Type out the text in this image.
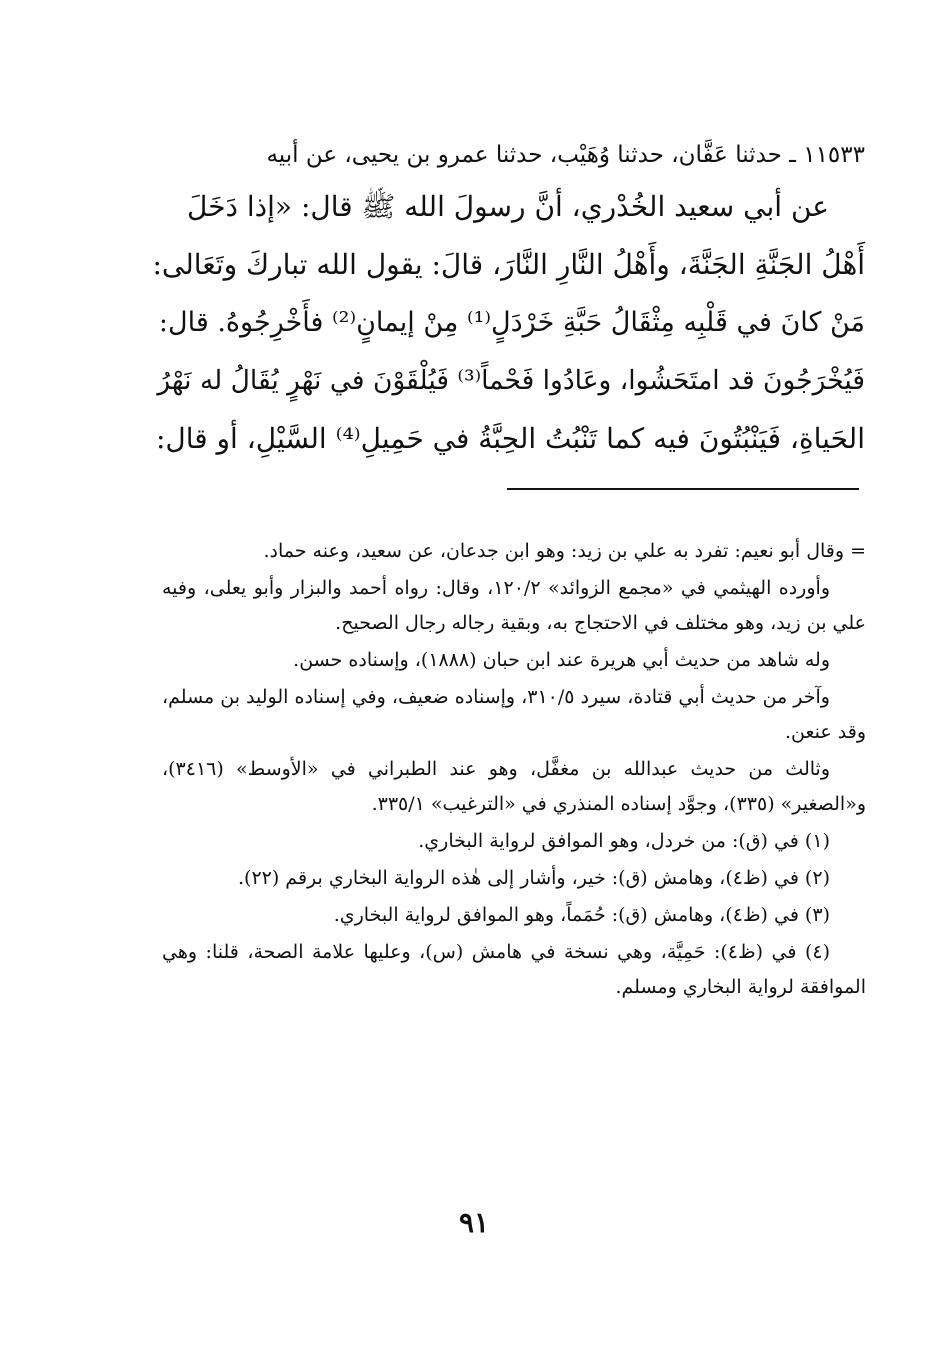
١١٥٣٣ ـ حدثنا عَفَّان، حدثنا وُهَيْب، حدثنا عمرو بن يحيى، عن أبيه

عن أبي سعيد الخُدْري، أنَّ رسولَ الله ﷺ قال: «إذا دَخَلَ

أَهْلُ الجَنَّةِ الجَنَّةَ، وأَهْلُ النَّارِ النَّارَ، قالَ: يقول الله تباركَ وتَعَالى:

مَنْ كانَ في قَلْبِه مِثْقَالُ حَبَّةِ خَرْدَلٍ⁽¹⁾ مِنْ إيمانٍ⁽²⁾ فأَخْرِجُوهُ. قال:

فَيُخْرَجُونَ قد امتَحَشُوا، وعَادُوا فَحْماً⁽³⁾ فَيُلْقَوْنَ في نَهْرٍ يُقَالُ له نَهْرُ

الحَياةِ، فَيَنْبُتُونَ فيه كما تَنْبُتُ الحِبَّةُ في حَمِيلِ⁽⁴⁾ السَّيْلِ، أو قال:

= وقال أبو نعيم: تفرد به علي بن زيد: وهو ابن جدعان، عن سعيد، وعنه حماد.

وأورده الهيثمي في «مجمع الزوائد» ١٢٠/٢، وقال: رواه أحمد والبزار وأبو يعلى، وفيه علي بن زيد، وهو مختلف في الاحتجاج به، وبقية رجاله رجال الصحيح.

وله شاهد من حديث أبي هريرة عند ابن حبان (١٨٨٨)، وإسناده حسن.

وآخر من حديث أبي قتادة، سيرد ٣١٠/٥، وإسناده ضعيف، وفي إسناده الوليد بن مسلم، وقد عنعن.

وثالث من حديث عبدالله بن مغفَّل، وهو عند الطبراني في «الأوسط» (٣٤١٦)، و«الصغير» (٣٣٥)، وجوَّد إسناده المنذري في «الترغيب» ٣٣٥/١.

(١) في (ق): من خردل، وهو الموافق لرواية البخاري.

(٢) في (ظ٤)، وهامش (ق): خير، وأشار إلى هٰذه الرواية البخاري برقم (٢٢).

(٣) في (ظ٤)، وهامش (ق): حُمَماً، وهو الموافق لرواية البخاري.

(٤) في (ظ٤): حَمِيَّة، وهي نسخة في هامش (س)، وعليها علامة الصحة، قلنا: وهي الموافقة لرواية البخاري ومسلم.

٩١
